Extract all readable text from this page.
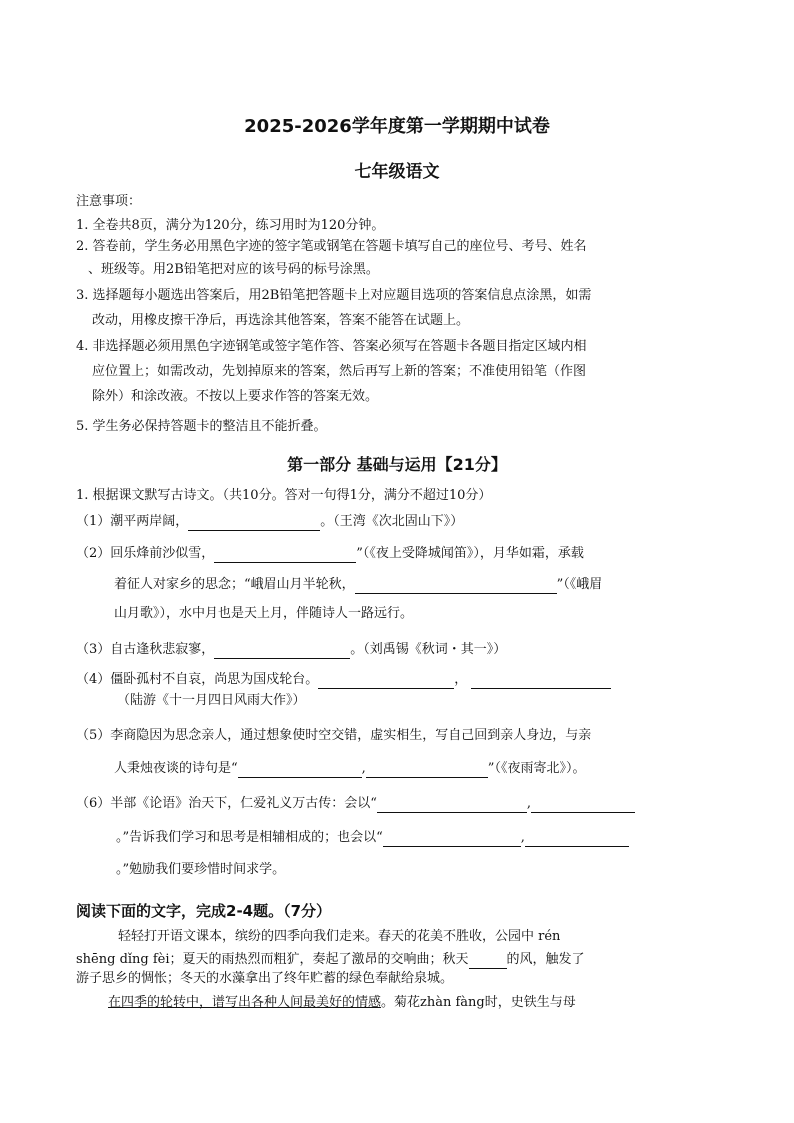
2025-2026学年度第一学期期中试卷
七年级语文
注意事项：
1. 全卷共8页，满分为120分，练习用时为120分钟。
2. 答卷前，学生务必用黑色字迹的签字笔或钢笔在答题卡填写自己的座位号、考号、姓名
、班级等。用2B铅笔把对应的该号码的标号涂黑。
3. 选择题每小题选出答案后，用2B铅笔把答题卡上对应题目选项的答案信息点涂黑，如需
改动，用橡皮擦干净后，再选涂其他答案，答案不能答在试题上。
4. 非选择题必须用黑色字迹钢笔或签字笔作答、答案必须写在答题卡各题目指定区域内相
应位置上；如需改动，先划掉原来的答案，然后再写上新的答案；不准使用铅笔（作图
除外）和涂改液。不按以上要求作答的答案无效。
5. 学生务必保持答题卡的整洁且不能折叠。
第一部分 基础与运用【21分】
1. 根据课文默写古诗文。（共10分。答对一句得1分，满分不超过10分）
（1）潮平两岸阔，	。（王湾《次北固山下》）
（2）回乐烽前沙似雪，	”（《夜上受降城闻笛》），月华如霜，承载
着征人对家乡的思念；“峨眉山月半轮秋，	”（《峨眉
山月歌》），水中月也是天上月，伴随诗人一路远行。
（3）自古逢秋悲寂寥，	。（刘禹锡《秋词・其一》）
（4）僵卧孤村不自哀，尚思为国戍轮台。	，
（陆游《十一月四日风雨大作》）
（5）李商隐因为思念亲人，通过想象使时空交错，虚实相生，写自己回到亲人身边，与亲
人秉烛夜谈的诗句是“	,	”（《夜雨寄北》）。
（6）半部《论语》治天下，仁爱礼义万古传：会以“	,
。”告诉我们学习和思考是相辅相成的；也会以“	,
。”勉励我们要珍惜时间求学。
阅读下面的文字，完成2-4题。（7分）
轻轻打开语文课本，缤纷的四季向我们走来。春天的花美不胜收，公园中 rén
shēng dǐng fèi；夏天的雨热烈而粗犷，奏起了激昂的交响曲；秋天	的风，触发了
游子思乡的惆怅；冬天的水藻拿出了终年贮蓄的绿色奉献给泉城。
在四季的轮转中，谱写出各种人间最美好的情感。菊花zhàn fàng时，史铁生与母
